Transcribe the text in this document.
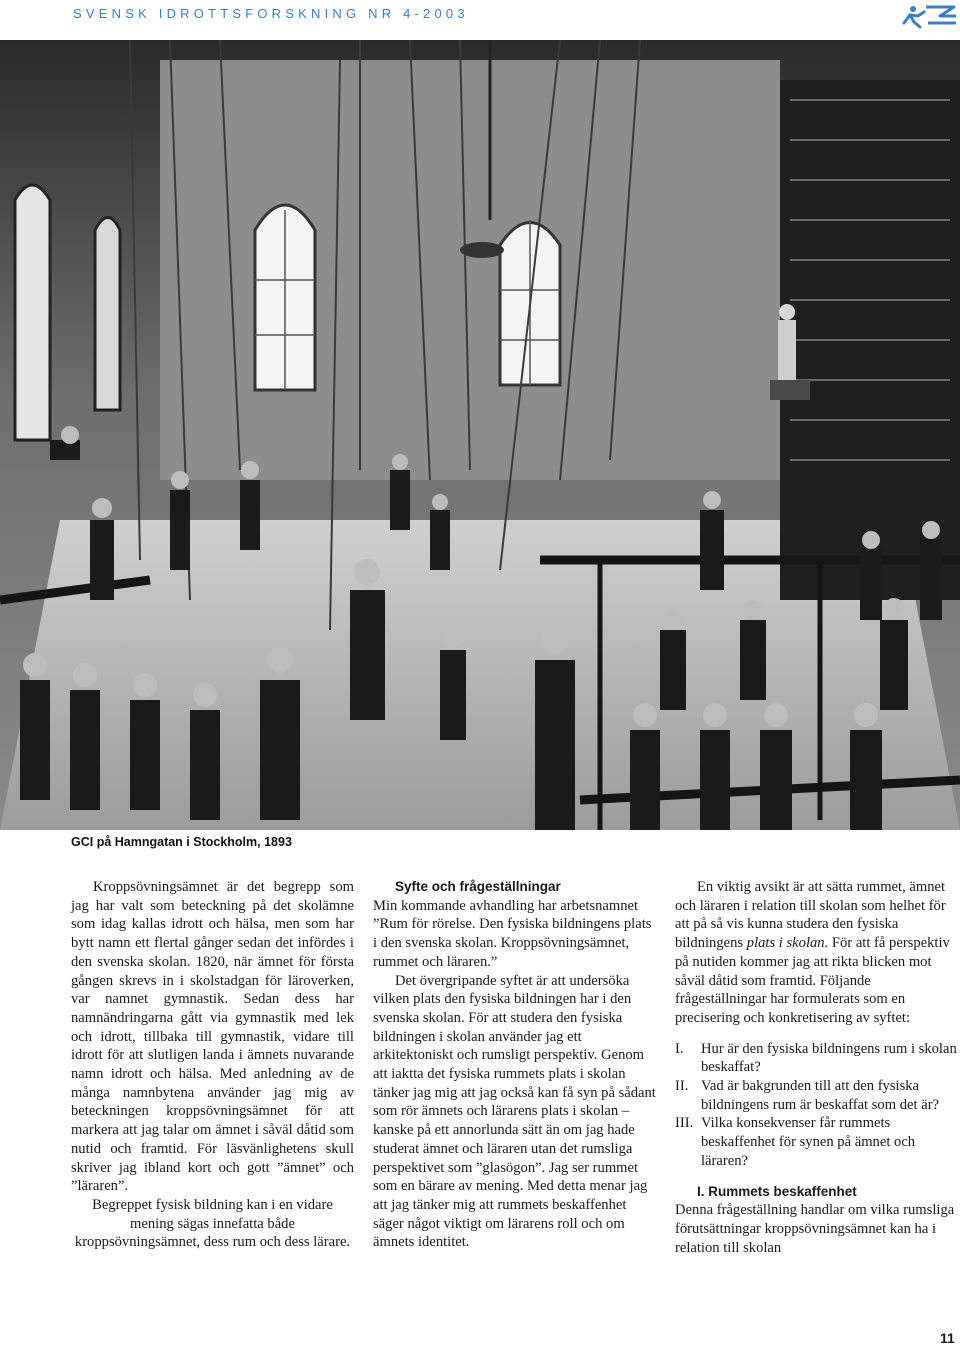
SVENSK IDROTTSFORSKNING NR 4-2003
GCI på Hamngatan i Stockholm, 1893

Kroppsövningsämnet är det begrepp som jag har valt som beteckning på det skolämne som idag kallas idrott och hälsa, men som har bytt namn ett flertal gånger sedan det infördes i den svenska skolan. 1820, när ämnet för första gången skrevs in i skolstadgan för läroverken, var namnet gymnastik. Sedan dess har namnändringarna gått via gymnastik med lek och idrott, tillbaka till gymnastik, vidare till idrott för att slutligen landa i ämnets nuvarande namn idrott och hälsa. Med anledning av de många namnbytena använder jag mig av beteckningen kroppsövningsämnet för att markera att jag talar om ämnet i såväl dåtid som nutid och framtid. För läsvänlighetens skull skriver jag ibland kort och gott ”ämnet” och ”läraren”.

Begreppet fysisk bildning kan i en vidare mening sägas innefatta både kroppsövningsämnet, dess rum och dess lärare.

Syfte och frågeställningar

Min kommande avhandling har arbetsnamnet ”Rum för rörelse. Den fysiska bildningens plats i den svenska skolan. Kroppsövningsämnet, rummet och läraren.”

Det övergripande syftet är att undersöka vilken plats den fysiska bildningen har i den svenska skolan. För att studera den fysiska bildningen i skolan använder jag ett arkitektoniskt och rumsligt perspektiv. Genom att iaktta det fysiska rummets plats i skolan tänker jag mig att jag också kan få syn på sådant som rör ämnets och lärarens plats i skolan – kanske på ett annorlunda sätt än om jag hade studerat ämnet och läraren utan det rumsliga perspektivet som ”glasögon”. Jag ser rummet som en bärare av mening. Med detta menar jag att jag tänker mig att rummets beskaffenhet säger något viktigt om lärarens roll och om ämnets identitet.

En viktig avsikt är att sätta rummet, ämnet och läraren i relation till skolan som helhet för att på så vis kunna studera den fysiska bildningens plats i skolan. För att få perspektiv på nutiden kommer jag att rikta blicken mot såväl dåtid som framtid. Följande frågeställningar har formulerats som en precisering och konkretisering av syftet:

I. Hur är den fysiska bildningens rum i skolan beskaffat?
II. Vad är bakgrunden till att den fysiska bildningens rum är beskaffat som det är?
III. Vilka konsekvenser får rummets beskaffenhet för synen på ämnet och läraren?

I. Rummets beskaffenhet

Denna frågeställning handlar om vilka rumsliga förutsättningar kroppsövningsämnet kan ha i relation till skolan

11
